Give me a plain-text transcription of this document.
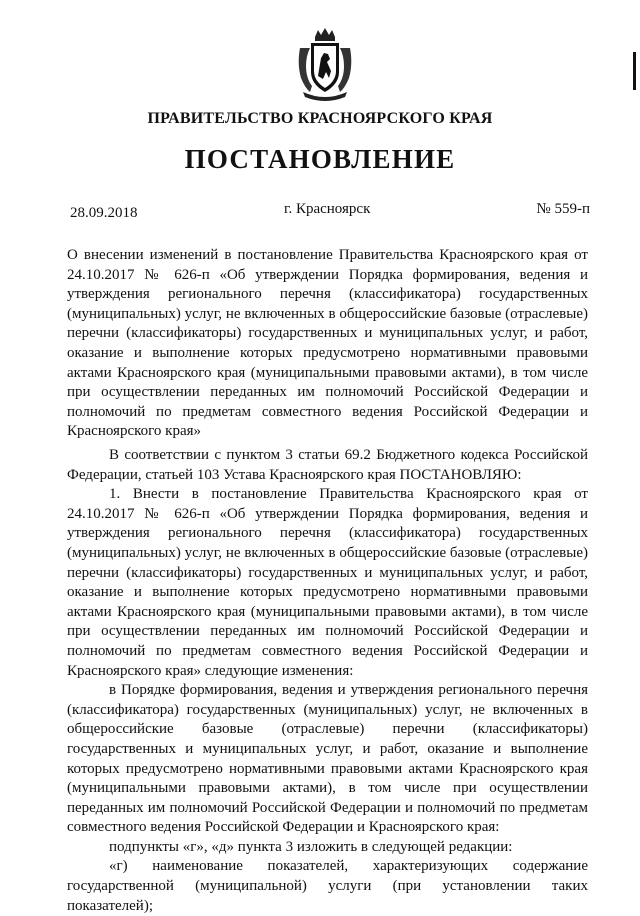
ПРАВИТЕЛЬСТВО КРАСНОЯРСКОГО КРАЯ
ПОСТАНОВЛЕНИЕ
28.09.2018	г. Красноярск	№ 559-п
О внесении изменений в постановление Правительства Красноярского края от 24.10.2017 № 626-п «Об утверждении Порядка формирования, ведения и утверждения регионального перечня (классификатора) государственных (муниципальных) услуг, не включенных в общероссийские базовые (отраслевые) перечни (классификаторы) государственных и муниципальных услуг, и работ, оказание и выполнение которых предусмотрено нормативными правовыми актами Красноярского края (муниципальными правовыми актами), в том числе при осуществлении переданных им полномочий Российской Федерации и полномочий по предметам совместного ведения Российской Федерации и Красноярского края»

В соответствии с пунктом 3 статьи 69.2 Бюджетного кодекса Российской Федерации, статьей 103 Устава Красноярского края ПОСТАНОВЛЯЮ:

1. Внести в постановление Правительства Красноярского края от 24.10.2017 № 626-п «Об утверждении Порядка формирования, ведения и утверждения регионального перечня (классификатора) государственных (муниципальных) услуг, не включенных в общероссийские базовые (отраслевые) перечни (классификаторы) государственных и муниципальных услуг, и работ, оказание и выполнение которых предусмотрено нормативными правовыми актами Красноярского края (муниципальными правовыми актами), в том числе при осуществлении переданных им полномочий Российской Федерации и полномочий по предметам совместного ведения Российской Федерации и Красноярского края» следующие изменения:

в Порядке формирования, ведения и утверждения регионального перечня (классификатора) государственных (муниципальных) услуг, не включенных в общероссийские базовые (отраслевые) перечни (классификаторы) государственных и муниципальных услуг, и работ, оказание и выполнение которых предусмотрено нормативными правовыми актами Красноярского края (муниципальными правовыми актами), в том числе при осуществлении переданных им полномочий Российской Федерации и полномочий по предметам совместного ведения Российской Федерации и Красноярского края:

подпункты «г», «д» пункта 3 изложить в следующей редакции:

«г) наименование показателей, характеризующих содержание государственной (муниципальной) услуги (при установлении таких показателей);
